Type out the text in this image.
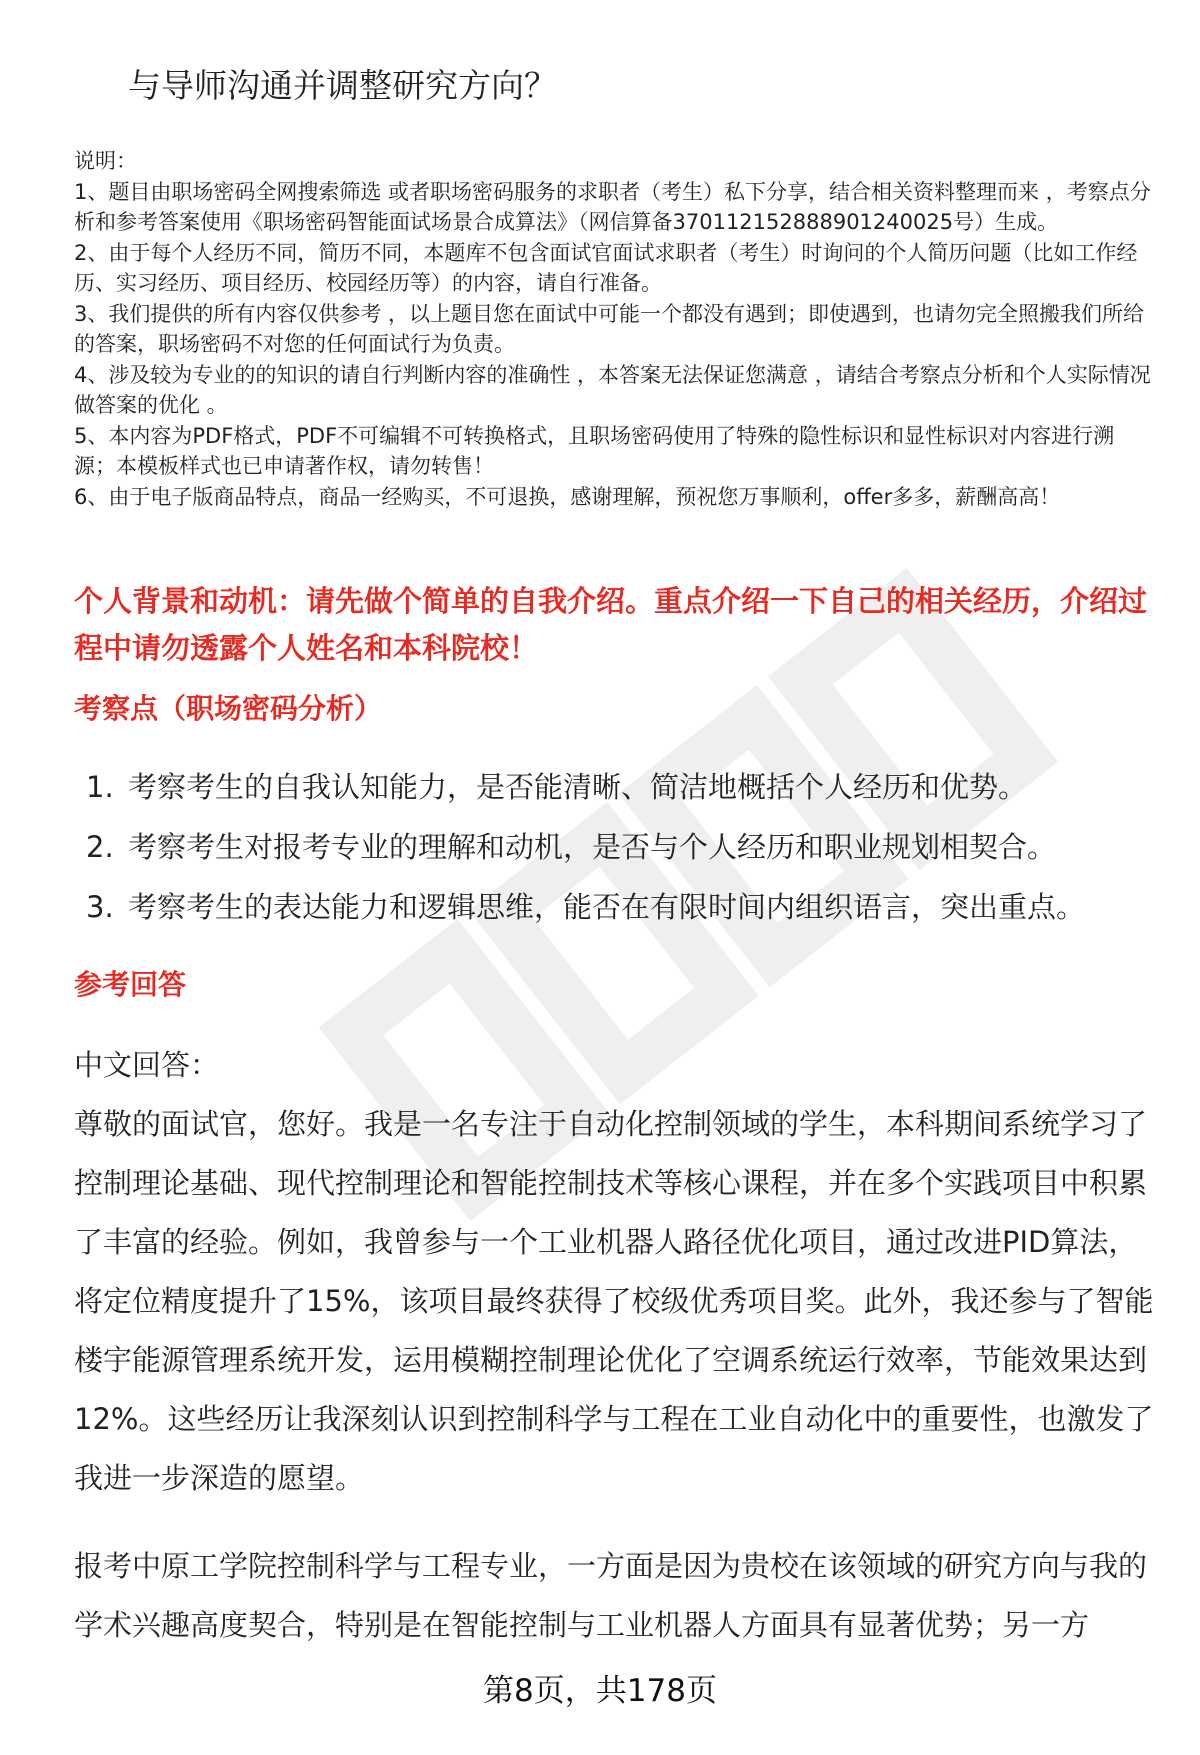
与导师沟通并调整研究方向？

说明：

1、题目由职场密码全网搜索筛选 或者职场密码服务的求职者（考生）私下分享，结合相关资料整理而来 ，考察点分析和参考答案使用《职场密码智能面试场景合成算法》（网信算备370112152888901240025号）生成。

2、由于每个人经历不同，简历不同，本题库不包含面试官面试求职者（考生）时询问的个人简历问题（比如工作经历、实习经历、项目经历、校园经历等）的内容，请自行准备。

3、我们提供的所有内容仅供参考 ，以上题目您在面试中可能一个都没有遇到；即使遇到，也请勿完全照搬我们所给的答案，职场密码不对您的任何面试行为负责。

4、涉及较为专业的的知识的请自行判断内容的准确性 ，本答案无法保证您满意 ，请结合考察点分析和个人实际情况做答案的优化 。

5、本内容为PDF格式，PDF不可编辑不可转换格式，且职场密码使用了特殊的隐性标识和显性标识对内容进行溯源；本模板样式也已申请著作权，请勿转售！

6、由于电子版商品特点，商品一经购买，不可退换，感谢理解，预祝您万事顺利，offer多多，薪酬高高！

个人背景和动机：请先做个简单的自我介绍。重点介绍一下自己的相关经历，介绍过程中请勿透露个人姓名和本科院校！
考察点（职场密码分析）
1. 考察考生的自我认知能力，是否能清晰、简洁地概括个人经历和优势。
2. 考察考生对报考专业的理解和动机，是否与个人经历和职业规划相契合。
3. 考察考生的表达能力和逻辑思维，能否在有限时间内组织语言，突出重点。
参考回答

中文回答：

尊敬的面试官，您好。我是一名专注于自动化控制领域的学生，本科期间系统学习了控制理论基础、现代控制理论和智能控制技术等核心课程，并在多个实践项目中积累了丰富的经验。例如，我曾参与一个工业机器人路径优化项目，通过改进PID算法，将定位精度提升了15%，该项目最终获得了校级优秀项目奖。此外，我还参与了智能楼宇能源管理系统开发，运用模糊控制理论优化了空调系统运行效率，节能效果达到12%。这些经历让我深刻认识到控制科学与工程在工业自动化中的重要性，也激发了我进一步深造的愿望。

报考中原工学院控制科学与工程专业，一方面是因为贵校在该领域的研究方向与我的学术兴趣高度契合，特别是在智能控制与工业机器人方面具有显著优势；另一方

第8页，共178页
